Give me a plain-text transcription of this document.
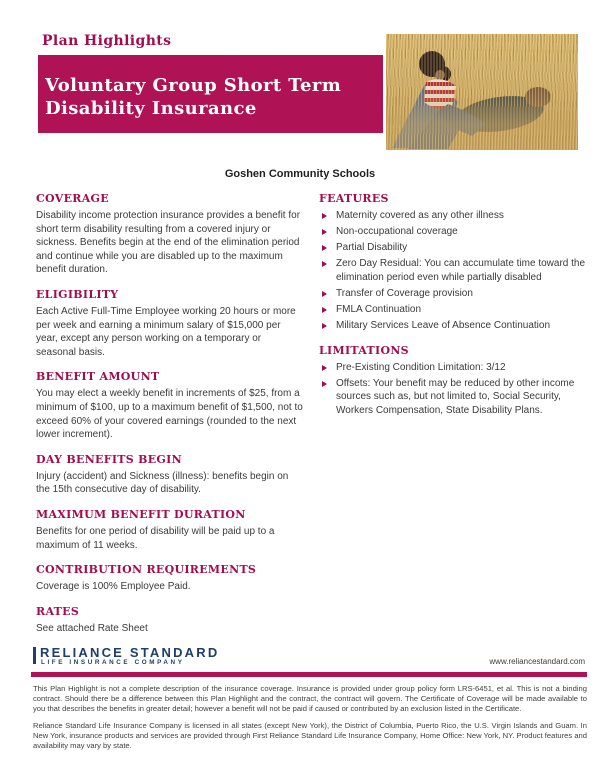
Plan Highlights
Voluntary Group Short Term Disability Insurance
Goshen Community Schools
COVERAGE

Disability income protection insurance provides a benefit for short term disability resulting from a covered injury or sickness. Benefits begin at the end of the elimination period and continue while you are disabled up to the maximum benefit duration.

ELIGIBILITY

Each Active Full-Time Employee working 20 hours or more per week and earning a minimum salary of $15,000 per year, except any person working on a temporary or seasonal basis.

BENEFIT AMOUNT

You may elect a weekly benefit in increments of $25, from a minimum of $100, up to a maximum benefit of $1,500, not to exceed 60% of your covered earnings (rounded to the next lower increment).

DAY BENEFITS BEGIN

Injury (accident) and Sickness (illness): benefits begin on the 15th consecutive day of disability.

MAXIMUM BENEFIT DURATION

Benefits for one period of disability will be paid up to a maximum of 11 weeks.

CONTRIBUTION REQUIREMENTS

Coverage is 100% Employee Paid.

RATES

See attached Rate Sheet

FEATURES
Maternity covered as any other illness
Non-occupational coverage
Partial Disability
Zero Day Residual: You can accumulate time toward the elimination period even while partially disabled
Transfer of Coverage provision
FMLA Continuation
Military Services Leave of Absence Continuation
LIMITATIONS
Pre-Existing Condition Limitation: 3/12
Offsets: Your benefit may be reduced by other income sources such as, but not limited to, Social Security, Workers Compensation, State Disability Plans.
RELIANCE STANDARD
LIFE INSURANCE COMPANY	www.reliancestandard.com

This Plan Highlight is not a complete description of the insurance coverage. Insurance is provided under group policy form LRS-6451, et al. This is not a binding contract. Should there be a difference between this Plan Highlight and the contract, the contract will govern. The Certificate of Coverage will be made available to you that describes the benefits in greater detail; however a benefit will not be paid if caused or contributed by an exclusion listed in the Certificate.

Reliance Standard Life Insurance Company is licensed in all states (except New York), the District of Columbia, Puerto Rico, the U.S. Virgin Islands and Guam. In New York, insurance products and services are provided through First Reliance Standard Life Insurance Company, Home Office: New York, NY. Product features and availability may vary by state.
